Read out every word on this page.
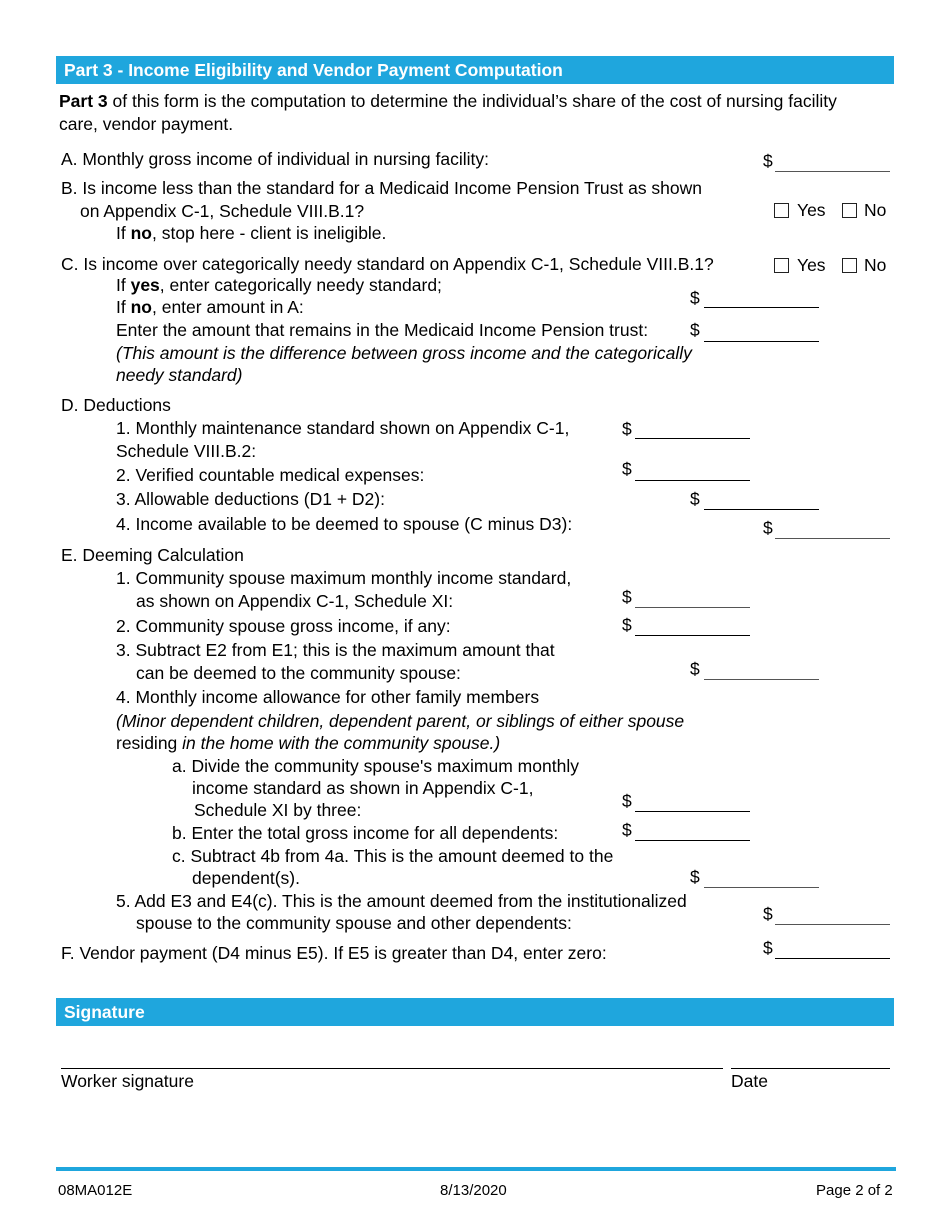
Part 3 - Income Eligibility and Vendor Payment Computation
Part 3 of this form is the computation to determine the individual’s share of the cost of nursing facility
care, vendor payment.
A. Monthly gross income of individual in nursing facility:	$
B. Is income less than the standard for a Medicaid Income Pension Trust as shown
on Appendix C-1, Schedule VIII.B.1?
If no, stop here - client is ineligible.
Yes No
C. Is income over categorically needy standard on Appendix C-1, Schedule VIII.B.1?	Yes No
If yes, enter categorically needy standard;
If no, enter amount in A:	$
Enter the amount that remains in the Medicaid Income Pension trust: $
(This amount is the difference between gross income and the categorically
needy standard)
D. Deductions
1. Monthly maintenance standard shown on Appendix C-1,	$
Schedule VIII.B.2:
2. Verified countable medical expenses:	$
3. Allowable deductions (D1 + D2):	$
4. Income available to be deemed to spouse (C minus D3):	$
E. Deeming Calculation
1. Community spouse maximum monthly income standard,
as shown on Appendix C-1, Schedule XI:	$
2. Community spouse gross income, if any:	$
3. Subtract E2 from E1; this is the maximum amount that
can be deemed to the community spouse:	$
4. Monthly income allowance for other family members
(Minor dependent children, dependent parent, or siblings of either spouse
residing in the home with the community spouse.)
a. Divide the community spouse's maximum monthly
income standard as shown in Appendix C-1,
Schedule XI by three:	$
b. Enter the total gross income for all dependents:	$
c. Subtract 4b from 4a. This is the amount deemed to the
dependent(s).	$
5. Add E3 and E4(c). This is the amount deemed from the institutionalized
spouse to the community spouse and other dependents:	$
F. Vendor payment (D4 minus E5). If E5 is greater than D4, enter zero:	$
Signature
Worker signature	Date
08MA012E	8/13/2020	Page 2 of 2
